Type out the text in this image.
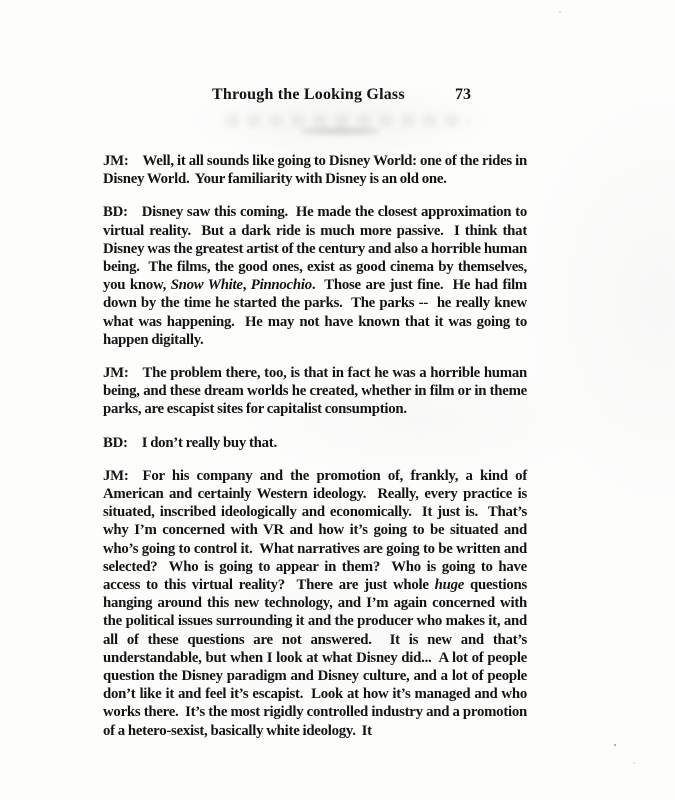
Through the Looking Glass	73

JM: Well, it all sounds like going to Disney World: one of the rides in Disney World.  Your familiarity with Disney is an old one.

BD: Disney saw this coming.  He made the closest approximation to virtual reality.  But a dark ride is much more passive.  I think that Disney was the greatest artist of the century and also a horrible human being.  The films, the good ones, exist as good cinema by themselves, you know, Snow White, Pinnochio.  Those are just fine.  He had film down by the time he started the parks.  The parks --  he really knew what was happening.  He may not have known that it was going to happen digitally.

JM: The problem there, too, is that in fact he was a horrible human being, and these dream worlds he created, whether in film or in theme parks, are escapist sites for capitalist consumption.

BD: I don’t really buy that.

JM: For his company and the promotion of, frankly, a kind of American and certainly Western ideology.  Really, every practice is situated, inscribed ideologically and economically.  It just is.  That’s why I’m concerned with VR and how it’s going to be situated and who’s going to control it.  What narratives are going to be written and selected?  Who is going to appear in them?  Who is going to have access to this virtual reality?  There are just whole huge questions hanging around this new technology, and I’m again concerned with the political issues surrounding it and the producer who makes it, and all of these questions are not answered.  It is new and that’s understandable, but when I look at what Disney did...  A lot of people question the Disney paradigm and Disney culture, and a lot of people don’t like it and feel it’s escapist.  Look at how it’s managed and who works there.  It’s the most rigidly controlled industry and a promotion of a hetero-sexist, basically white ideology.  It
